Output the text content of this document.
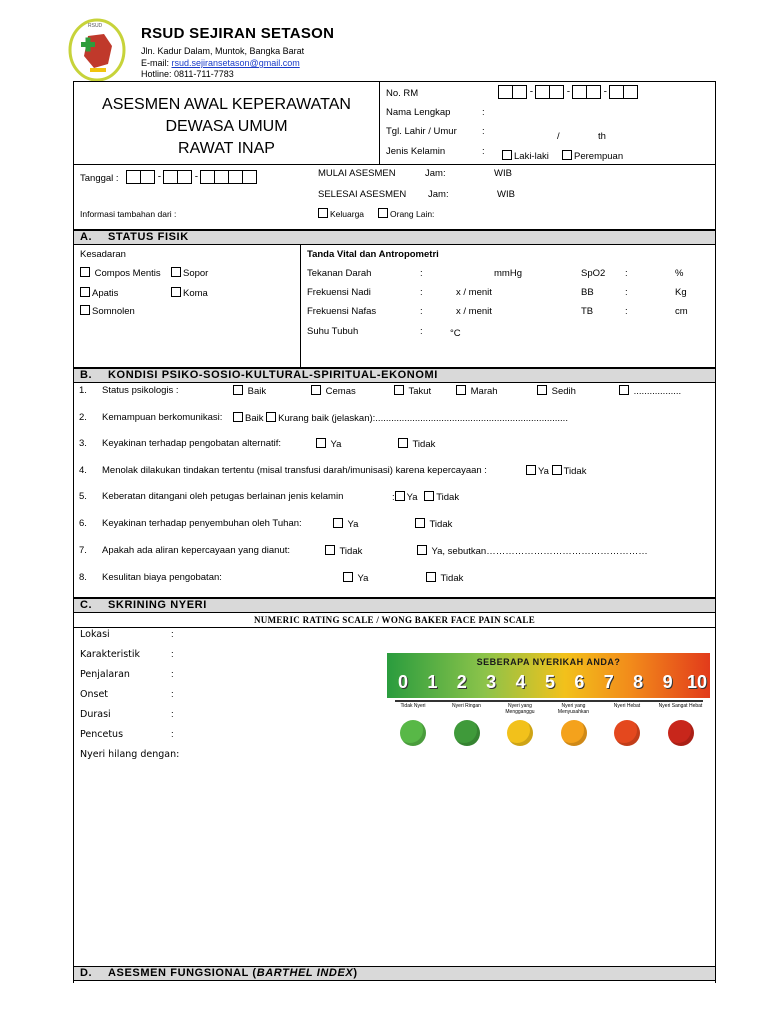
RSUD	RSUD SEJIRAN SETASON
Jln. Kadur Dalam, Muntok, Bangka Barat
E-mail: rsud.sejiransetason@gmail.com
Hotline: 0811-711-7783
ASESMEN AWAL KEPERAWATAN
DEWASA UMUM
RAWAT INAP
No. RM	-	-	-
Nama Lengkap	:
Tgl. Lahir / Umur	:	/	th
Jenis Kelamin	:	Laki-laki	Perempuan
Tanggal :	-	-	MULAI ASESMEN	Jam:	WIB
SELESAI ASESMEN Jam:	WIB
Informasi tambahan dari :	Keluarga	Orang Lain:
A. STATUS FISIK
Kesadaran
Compos Mentis	Sopor
Apatis	Koma
Somnolen
Tanda Vital dan Antropometri
Tekanan Darah	:	mmHg	SpO2 :	%
Frekuensi Nadi	:	x / menit	BB	:	Kg
Frekuensi Nafas	:	x / menit	TB	:	cm
Suhu Tubuh	:	°C
B. KONDISI PSIKO-SOSIO-KULTURAL-SPIRITUAL-EKONOMI
1. Status psikologis :	Baik	Cemas	Takut	Marah	Sedih	..................
2. Kemampuan berkomunikasi:	Baik Kurang baik (jelaskan):.........................................................................
3. Keyakinan terhadap pengobatan alternatif:	Ya	Tidak
4. Menolak dilakukan tindakan tertentu (misal transfusi darah/imunisasi) karena kepercayaan :	Ya Tidak
5. Keberatan ditangani oleh petugas berlainan jenis kelamin	: Ya Tidak
6. Keyakinan terhadap penyembuhan oleh Tuhan:	Ya	Tidak
7. Apakah ada aliran kepercayaan yang dianut:	Tidak	Ya, sebutkan……………………………………………
8. Kesulitan biaya pengobatan:	Ya	Tidak
C. SKRINING NYERI
NUMERIC RATING SCALE / WONG BAKER FACE PAIN SCALE
Lokasi	:
Karakteristik	:
Penjalaran	:
Onset	:
Durasi	:
Pencetus	:
Nyeri hilang dengan:
SEBERAPA NYERIKAH ANDA?
0	1	2	3	4	5	6	7	8	9 10
Tidak Nyeri	Nyeri Ringan	Nyeri yang Mengganggu
Nyeri yang Menyusahkan
Nyeri Hebat	Nyeri Sangat Hebat
D. ASESMEN FUNGSIONAL (BARTHEL INDEX)
